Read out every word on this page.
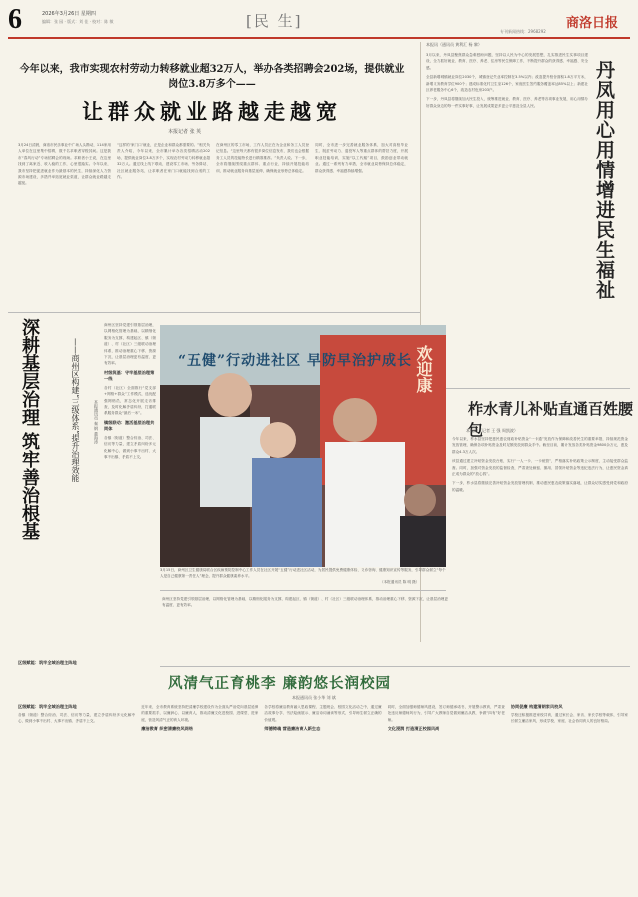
6	2026年3月26日 星期四
编辑：张 园 · 版式：刘 佳 · 校对：陈 敏	[民 生]	商洛日报
专刊新闻热线：2968292
今年以来，我市实现农村劳动力转移就业超32万人，举办各类招聘会202场，提供就业岗位3.8万多个——
让群众就业路越走越宽
本报记者 张 英
3月24日清晨，商洛市民乐事业中广场人头攒动，114家用人单位在这里集中招聘，数千名求职者穿梭其间。这是我市“春风行动”专场招聘会的现场。求职者小王说，在这里找到了离家近、收入稳的工作，心里很踏实。今年以来，我市坚持把促进就业作为最基本的民生，持续深化人力资源市场建设，多措并举拓宽就业渠道，让群众就业路越走越宽。
“这样的‘家门口’就业，正是企业和群众都需要的。”相关负责人介绍，今年以来，全市累计举办各类招聘活动202场，提供就业岗位3.8万多个，实现农村劳动力转移就业超32万人。通过线上线下联动，建设零工市场、劳务驿站、社区就业服务站，让求职者在家门口就能找到合适的工作。
在商州区的零工市场，工作人员正在为企业和务工人员登记信息。“这里每天都有很多岗位信息发布，我们也会根据务工人员的技能特长进行精准推荐。”负责人说。下一步，全市将继续围绕重点群体、重点行业，持续开展技能培训，推动就业服务向基层延伸，确保就业形势总体稳定。
同时，全市进一步完善就业服务体系，加大对高校毕业生、脱贫劳动力、退役军人等重点群体的帮扶力度，开展职业技能培训，实施“以工代赈”项目，鼓励创业带动就业。通过一系列有力举措，全市就业局势保持总体稳定，群众获得感、幸福感持续增强。
本报讯（通讯员 黄利汇 杨 黎）
丹凤用心用情增进民生福祉
3月以来，丹凤县聚焦群众急难愁盼问题，坚持以人民为中心的发展思想，扎实推进民生实事项目建设，全力抓好就业、教育、医疗、养老、住房等民生保障工作，不断提升群众的获得感、幸福感、安全感。
全县新增城镇就业岗位2030个，城镇登记失业率控制在3.5%以内；改造提升校舍面积1.8万平方米，新增义务教育学位900个；建成标准化村卫生室126个，家庭医生签约服务覆盖率达85%以上；新建社区养老服务中心6个，改造农村危房203户。
下一步，丹凤县将继续加大民生投入，统筹推进就业、教育、医疗、养老等各项事业发展，用心用情办好群众身边的每一件实事好事，让发展成果更多更公平惠及全县人民。
柞水青儿补贴直通百姓腰包
本报讯（记者 王 强 周凯波）
今年以来，柞水县坚持把惠民惠农财政补贴资金“一卡通”发放作为保障和改善民生的重要举措，持续规范资金发放管理，确保各项补贴资金及时足额发放到群众手中。截至目前，累计发放各类补贴资金9800余万元，惠及群众4.3万人次。
该县通过建立补贴资金发放台账，实行“一人一卡、一卡统管”，严格落实补贴政策公示制度，主动接受群众监督。同时，加强对资金发放的监督检查，严肃查处截留、挪用、冒领补贴资金等违纪违法行为，让惠民资金真正成为群众的“放心钱”。
下一步，柞水县将继续完善补贴资金发放管理机制，推动惠民惠农政策落实落地，让群众切实感受到党和政府的温暖。
深耕基层治理 筑牢善治根基	——商州区构建“三级体系”提升治理效能	本报通讯员 秦 钢 董海涛
商州区坚持党建引领基层治理，以网格化管理为基础，以精细化服务为支撑，构建起区、镇（街道）、村（社区）三级联动治理体系，推动治理重心下移、资源下沉，让基层治理更有温度、更有效率。
村级筑基：守牢基层治理第一线
各村（社区）全面推行“党支部+网格+群众”工作模式，选优配强网格员，常态化开展走访排查，及时化解矛盾纠纷，打通联系服务群众“最后一米”。
镇级联动：激活基层治理共同体
各镇（街道）整合综治、司法、信访等力量，建立矛盾纠纷多元化解中心，做到小事不出村、大事不出镇、矛盾不上交。
区级赋能：筑牢全域治理主阵地
“五健”行动进社区 早防早治护成长 欢迎康
3月15日，商州区卫生健康局联合区疾病预防控制中心工作人员在社区开展“五健”行动进社区活动，为居民提供免费健康体检、义诊咨询、健康知识宣传等服务，引导群众树立“每个人是自己健康第一责任人”理念，提升群众健康素养水平。
（本报通讯员 陈 明 摄）
商州区坚持党建引领基层治理，以网格化管理为基础，以精细化服务为支撑，构建起区、镇（街道）、村（社区）三级联动治理体系，推动治理重心下移、资源下沉，让基层治理更有温度、更有效率。
风清气正育桃李 廉韵悠长润校园
本报通讯员 张小华 刘 斌
区级赋能：筑牢全域治理主阵地
各镇（街道）整合综治、司法、信访等力量，建立矛盾纠纷多元化解中心，做到小事不出村、大事不出镇、矛盾不上交。
近年来，全市教育系统坚持把清廉学校建设作为全面从严治党向基层延伸的重要抓手，以廉润心、以廉育人，推动清廉文化进校园、进课堂、进家庭，营造风清气正的育人环境。
廉洁教育 织密清廉校风网络
各学校将廉洁教育融入思政课程、主题班会、校园文化活动之中，通过廉洁故事分享、书法绘画展示、廉洁诗词诵读等形式，引导师生树立正确的价值观。
师德铸魂 营造廉洁育人新生态
同时，全面加强师德师风建设，签订师德承诺书，开展警示教育，严肃查处违反师德师风行为，引导广大教师自觉做到廉洁从教，争做“四有”好老师。
文化浸润 打造清正校园风尚
协同促廉 构建清朗家风校风
学校还积极推进家校共育，通过家长会、家访、家长学校等载体，引导家长树立廉洁家风，形成学校、家庭、社会协同育人的良好格局。
